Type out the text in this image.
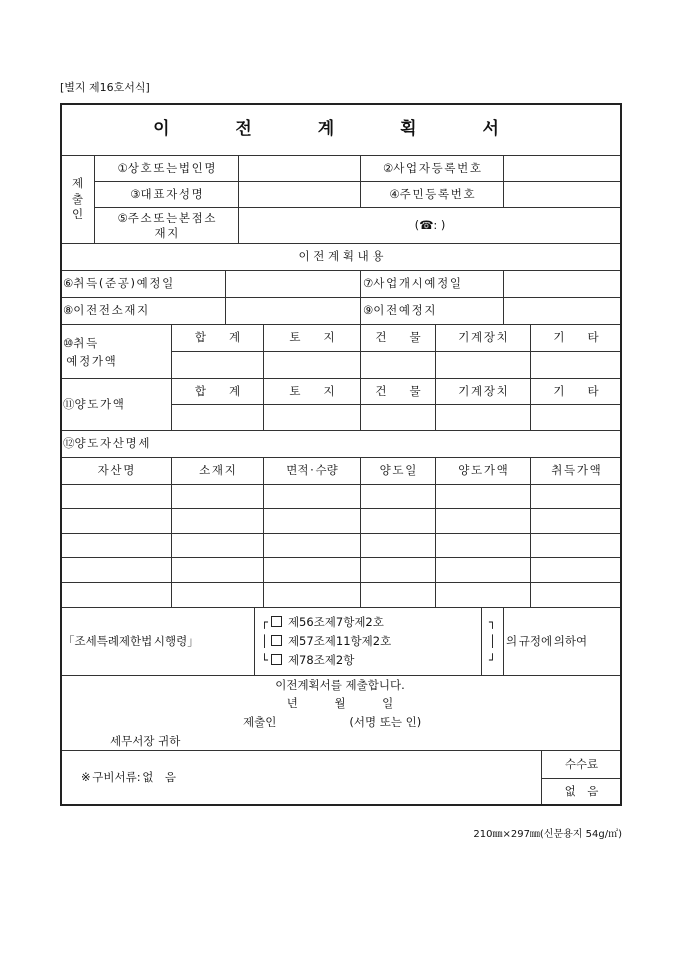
[별지 제16호서식]
이 전 계 획 서
제
출
인
①상 호 또 는 법 인 명	②사 업 자 등 록 번 호
③대 표 자 성 명	④주 민 등 록 번 호
⑤주 소 또 는 본 점 소
재 지
(☎: )
이 전 계 획 내 용
⑥취 득 ( 준 공 ) 예 정 일	⑦사 업 개 시 예 정 일
⑧이 전 전 소 재 지	⑨이 전 예 정 지
⑩취 득
예 정 가 액
합　　계	토　　지	건　　물	기 계 장 치	기　　타
⑪양 도 가 액
합　　계	토　　지	건　　물	기 계 장 치	기　　타
⑫양 도 자 산 명 세
자 산 명	소 재 지	면적 · 수량	양 도 일	양 도 가 액	취 득 가 액
「조세특례제한법 시행령」
┌ 제56조제7항제2호
│ 제57조제11항제2호
└ 제78조제2항
┐
│
┘
의 규정에 의하여
이전계획서를 제출합니다.
년          월          일
제출인                    (서명 또는 인)
세무서장 귀하
※ 구비서류: 없　음
수수료
없　음
210㎜×297㎜(신문용지 54g/㎡)
